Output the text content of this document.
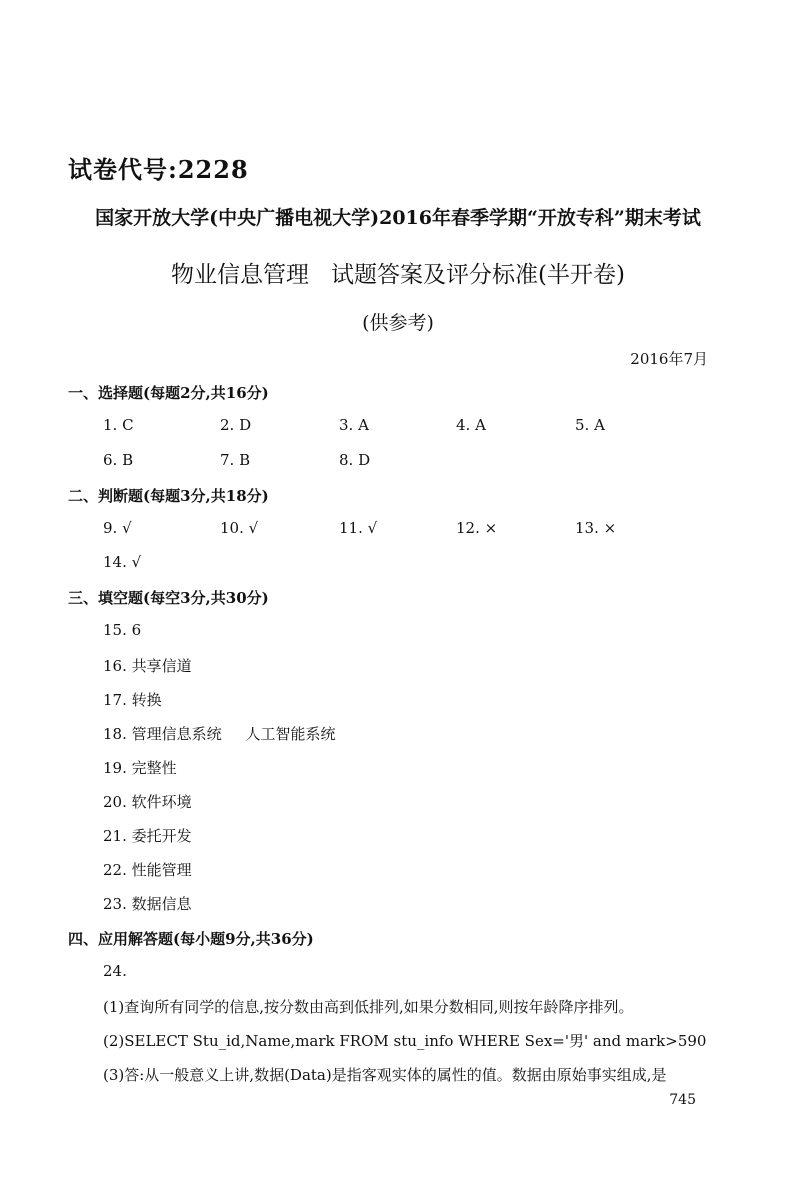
试卷代号:2228
国家开放大学(中央广播电视大学)2016年春季学期“开放专科”期末考试
物业信息管理   试题答案及评分标准(半开卷)
(供参考)
2016年7月
一、选择题(每题2分,共16分)
1. C	2. D	3. A	4. A	5. A
6. B	7. B	8. D
二、判断题(每题3分,共18分)
9. √	10. √	11. √	12. ×	13. ×
14. √
三、填空题(每空3分,共30分)
15. 6
16. 共享信道
17. 转换
18. 管理信息系统     人工智能系统
19. 完整性
20. 软件环境
21. 委托开发
22. 性能管理
23. 数据信息
四、应用解答题(每小题9分,共36分)
24.
(1)查询所有同学的信息,按分数由高到低排列,如果分数相同,则按年龄降序排列。
(2)SELECT Stu_id,Name,mark FROM stu_info WHERE Sex='男' and mark>590
(3)答:从一般意义上讲,数据(Data)是指客观实体的属性的值。数据由原始事实组成,是
745
